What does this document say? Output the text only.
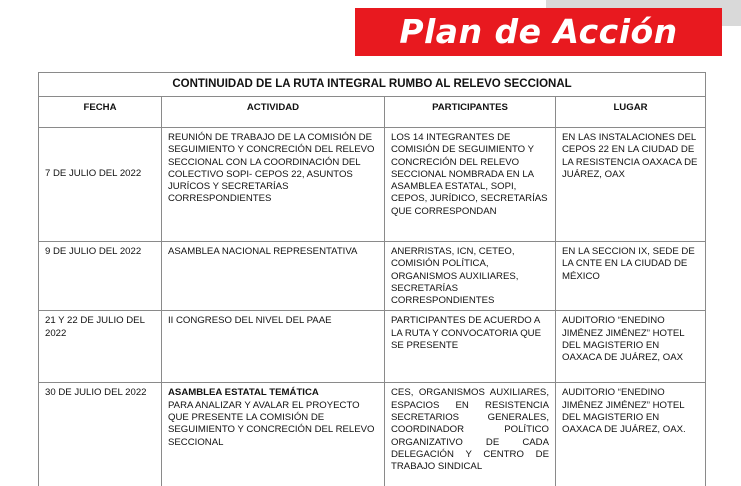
Plan de Acción
CONTINUIDAD DE LA RUTA INTEGRAL RUMBO AL RELEVO SECCIONAL			
FECHA	ACTIVIDAD	PARTICIPANTES	LUGAR
7 DE JULIO DEL 2022	REUNIÓN DE TRABAJO DE LA COMISIÓN DE SEGUIMIENTO Y CONCRECIÓN DEL RELEVO SECCIONAL CON LA COORDINACIÓN DEL COLECTIVO SOPI- CEPOS 22, ASUNTOS JURÍCOS Y SECRETARÍAS CORRESPONDIENTES	LOS 14 INTEGRANTES DE COMISIÓN DE SEGUIMIENTO Y CONCRECIÓN DEL RELEVO SECCIONAL NOMBRADA EN LA ASAMBLEA ESTATAL, SOPI, CEPOS, JURÍDICO, SECRETARÍAS QUE CORRESPONDAN	EN LAS INSTALACIONES DEL CEPOS 22 EN LA CIUDAD DE LA RESISTENCIA OAXACA DE JUÁREZ, OAX
9 DE JULIO DEL 2022	ASAMBLEA NACIONAL REPRESENTATIVA	ANERRISTAS, ICN, CETEO, COMISIÓN POLÍTICA, ORGANISMOS AUXILIARES, SECRETARÍAS CORRESPONDIENTES	EN LA SECCION IX, SEDE DE LA CNTE EN LA CIUDAD DE MÉXICO
21 Y 22 DE JULIO DEL 2022	II CONGRESO DEL NIVEL DEL PAAE	PARTICIPANTES DE ACUERDO A LA RUTA Y CONVOCATORIA QUE SE PRESENTE	AUDITORIO “ENEDINO JIMÉNEZ JIMÉNEZ” HOTEL DEL MAGISTERIO EN OAXACA DE JUÁREZ, OAX
30 DE JULIO DEL 2022	ASAMBLEA ESTATAL TEMÁTICA
PARA ANALIZAR Y AVALAR EL PROYECTO QUE PRESENTE LA COMISIÓN DE SEGUIMIENTO Y CONCRECIÓN DEL RELEVO SECCIONAL	CES, ORGANISMOS AUXILIARES, ESPACIOS EN RESISTENCIA SECRETARIOS GENERALES, COORDINADOR POLÍTICO ORGANIZATIVO DE CADA DELEGACIÓN Y CENTRO DE TRABAJO SINDICAL	AUDITORIO “ENEDINO JIMÉNEZ JIMÉNEZ” HOTEL DEL MAGISTERIO EN OAXACA DE JUÁREZ, OAX.
